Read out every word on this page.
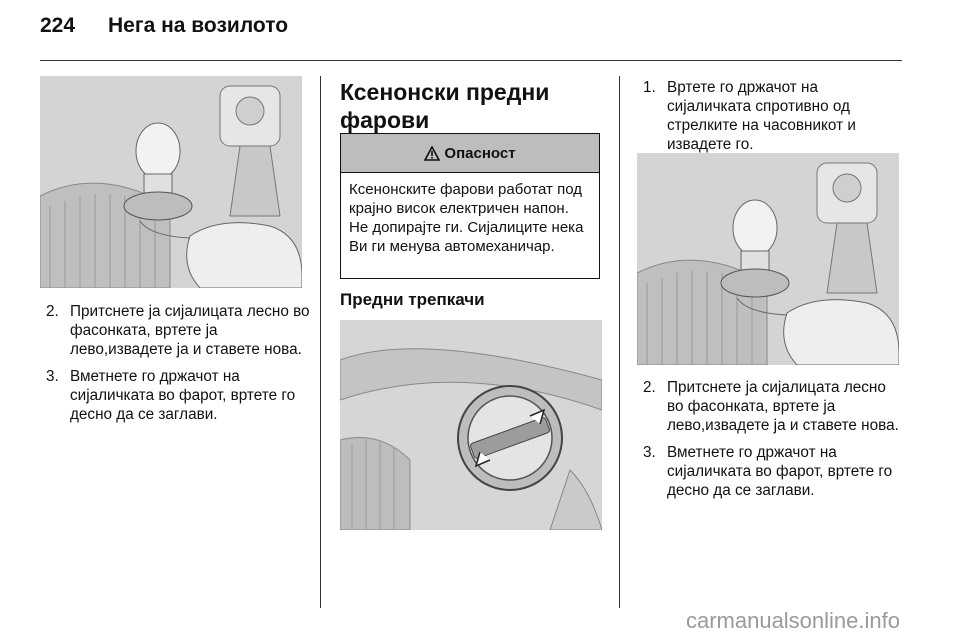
224 Нега на возилото
2. Притснете ја сијалицата лесно во фасонката, вртете ја лево,извадете ја и ставете нова.
3. Вметнете го држачот на сијаличката во фарот, вртете го десно да се заглави.
Ксенонски предни фарови
Опасност
Ксенонските фарови работат под крајно висок електричен напон. Не допирајте ги. Сијалиците нека Ви ги менува автомеханичар.
Предни трепкачи
1. Вртете го држачот на сијаличката спротивно од стрелките на часовникот и извадете го.
2. Притснете ја сијалицата лесно во фасонката, вртете ја лево,извадете ја и ставете нова.
3. Вметнете го држачот на сијаличката во фарот, вртете го десно да се заглави.
carmanualsonline.info
